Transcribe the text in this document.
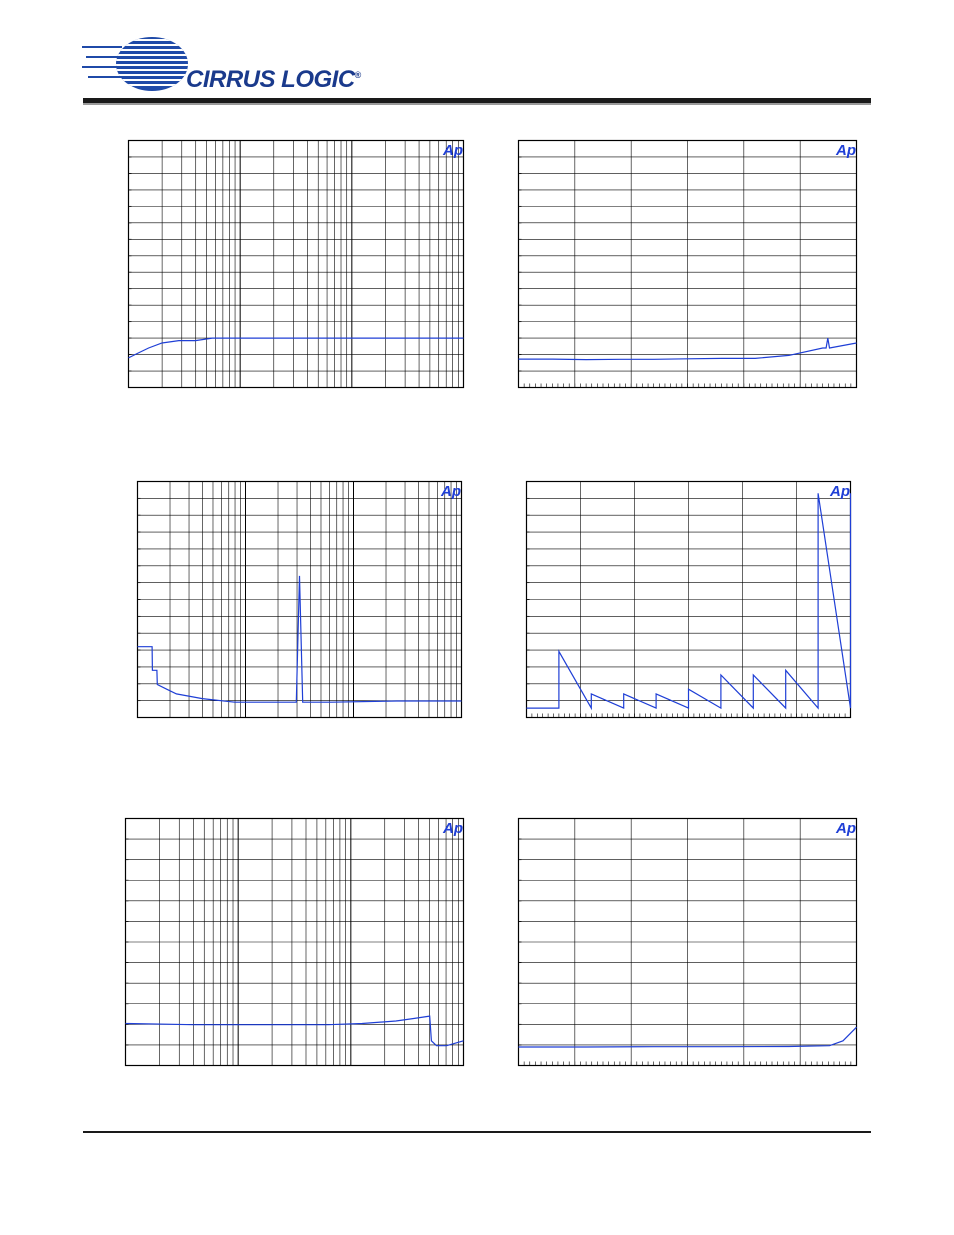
CIRRUS LOGIC®
Ap	Ap
Ap	Ap
Ap	Ap
